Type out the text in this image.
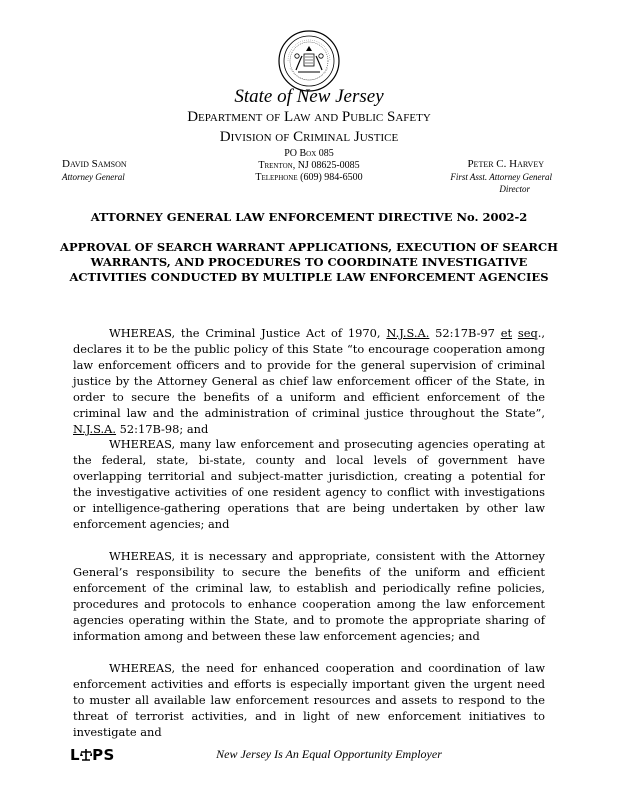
State of New Jersey
Department of Law and Public Safety
Division of Criminal Justice
PO Box 085
Trenton, NJ 08625-0085
Telephone (609) 984-6500
David Samson
Attorney General
Peter C. Harvey
First Asst. Attorney General
Director
ATTORNEY GENERAL LAW ENFORCEMENT DIRECTIVE No. 2002-2
APPROVAL OF SEARCH WARRANT APPLICATIONS, EXECUTION OF SEARCH WARRANTS, AND PROCEDURES TO COORDINATE INVESTIGATIVE ACTIVITIES CONDUCTED BY MULTIPLE LAW ENFORCEMENT AGENCIES
WHEREAS, the Criminal Justice Act of 1970, N.J.S.A. 52:17B-97 et seq., declares it to be the public policy of this State “to encourage cooperation among law enforcement officers and to provide for the general supervision of criminal justice by the Attorney General as chief law enforcement officer of the State, in order to secure the benefits of a uniform and efficient enforcement of the criminal law and the administration of criminal justice throughout the State”, N.J.S.A. 52:17B-98; and
WHEREAS, many law enforcement and prosecuting agencies operating at the federal, state, bi-state, county and local levels of government have overlapping territorial and subject-matter jurisdiction, creating a potential for the investigative activities of one resident agency to conflict with investigations or intelligence-gathering operations that are being undertaken by other law enforcement agencies; and
WHEREAS, it is necessary and appropriate, consistent with the Attorney General’s responsibility to secure the benefits of the uniform and efficient enforcement of the criminal law, to establish and periodically refine policies, procedures and protocols to enhance cooperation among the law enforcement agencies operating within the State, and to promote the appropriate sharing of information among and between these law enforcement agencies; and
WHEREAS, the need for enhanced cooperation and coordination of law enforcement activities and efforts is especially important given the urgent need to muster all available law enforcement resources and assets to respond to the threat of terrorist activities, and in light of new enforcement initiatives to investigate and
L PS	New Jersey Is An Equal Opportunity Employer
